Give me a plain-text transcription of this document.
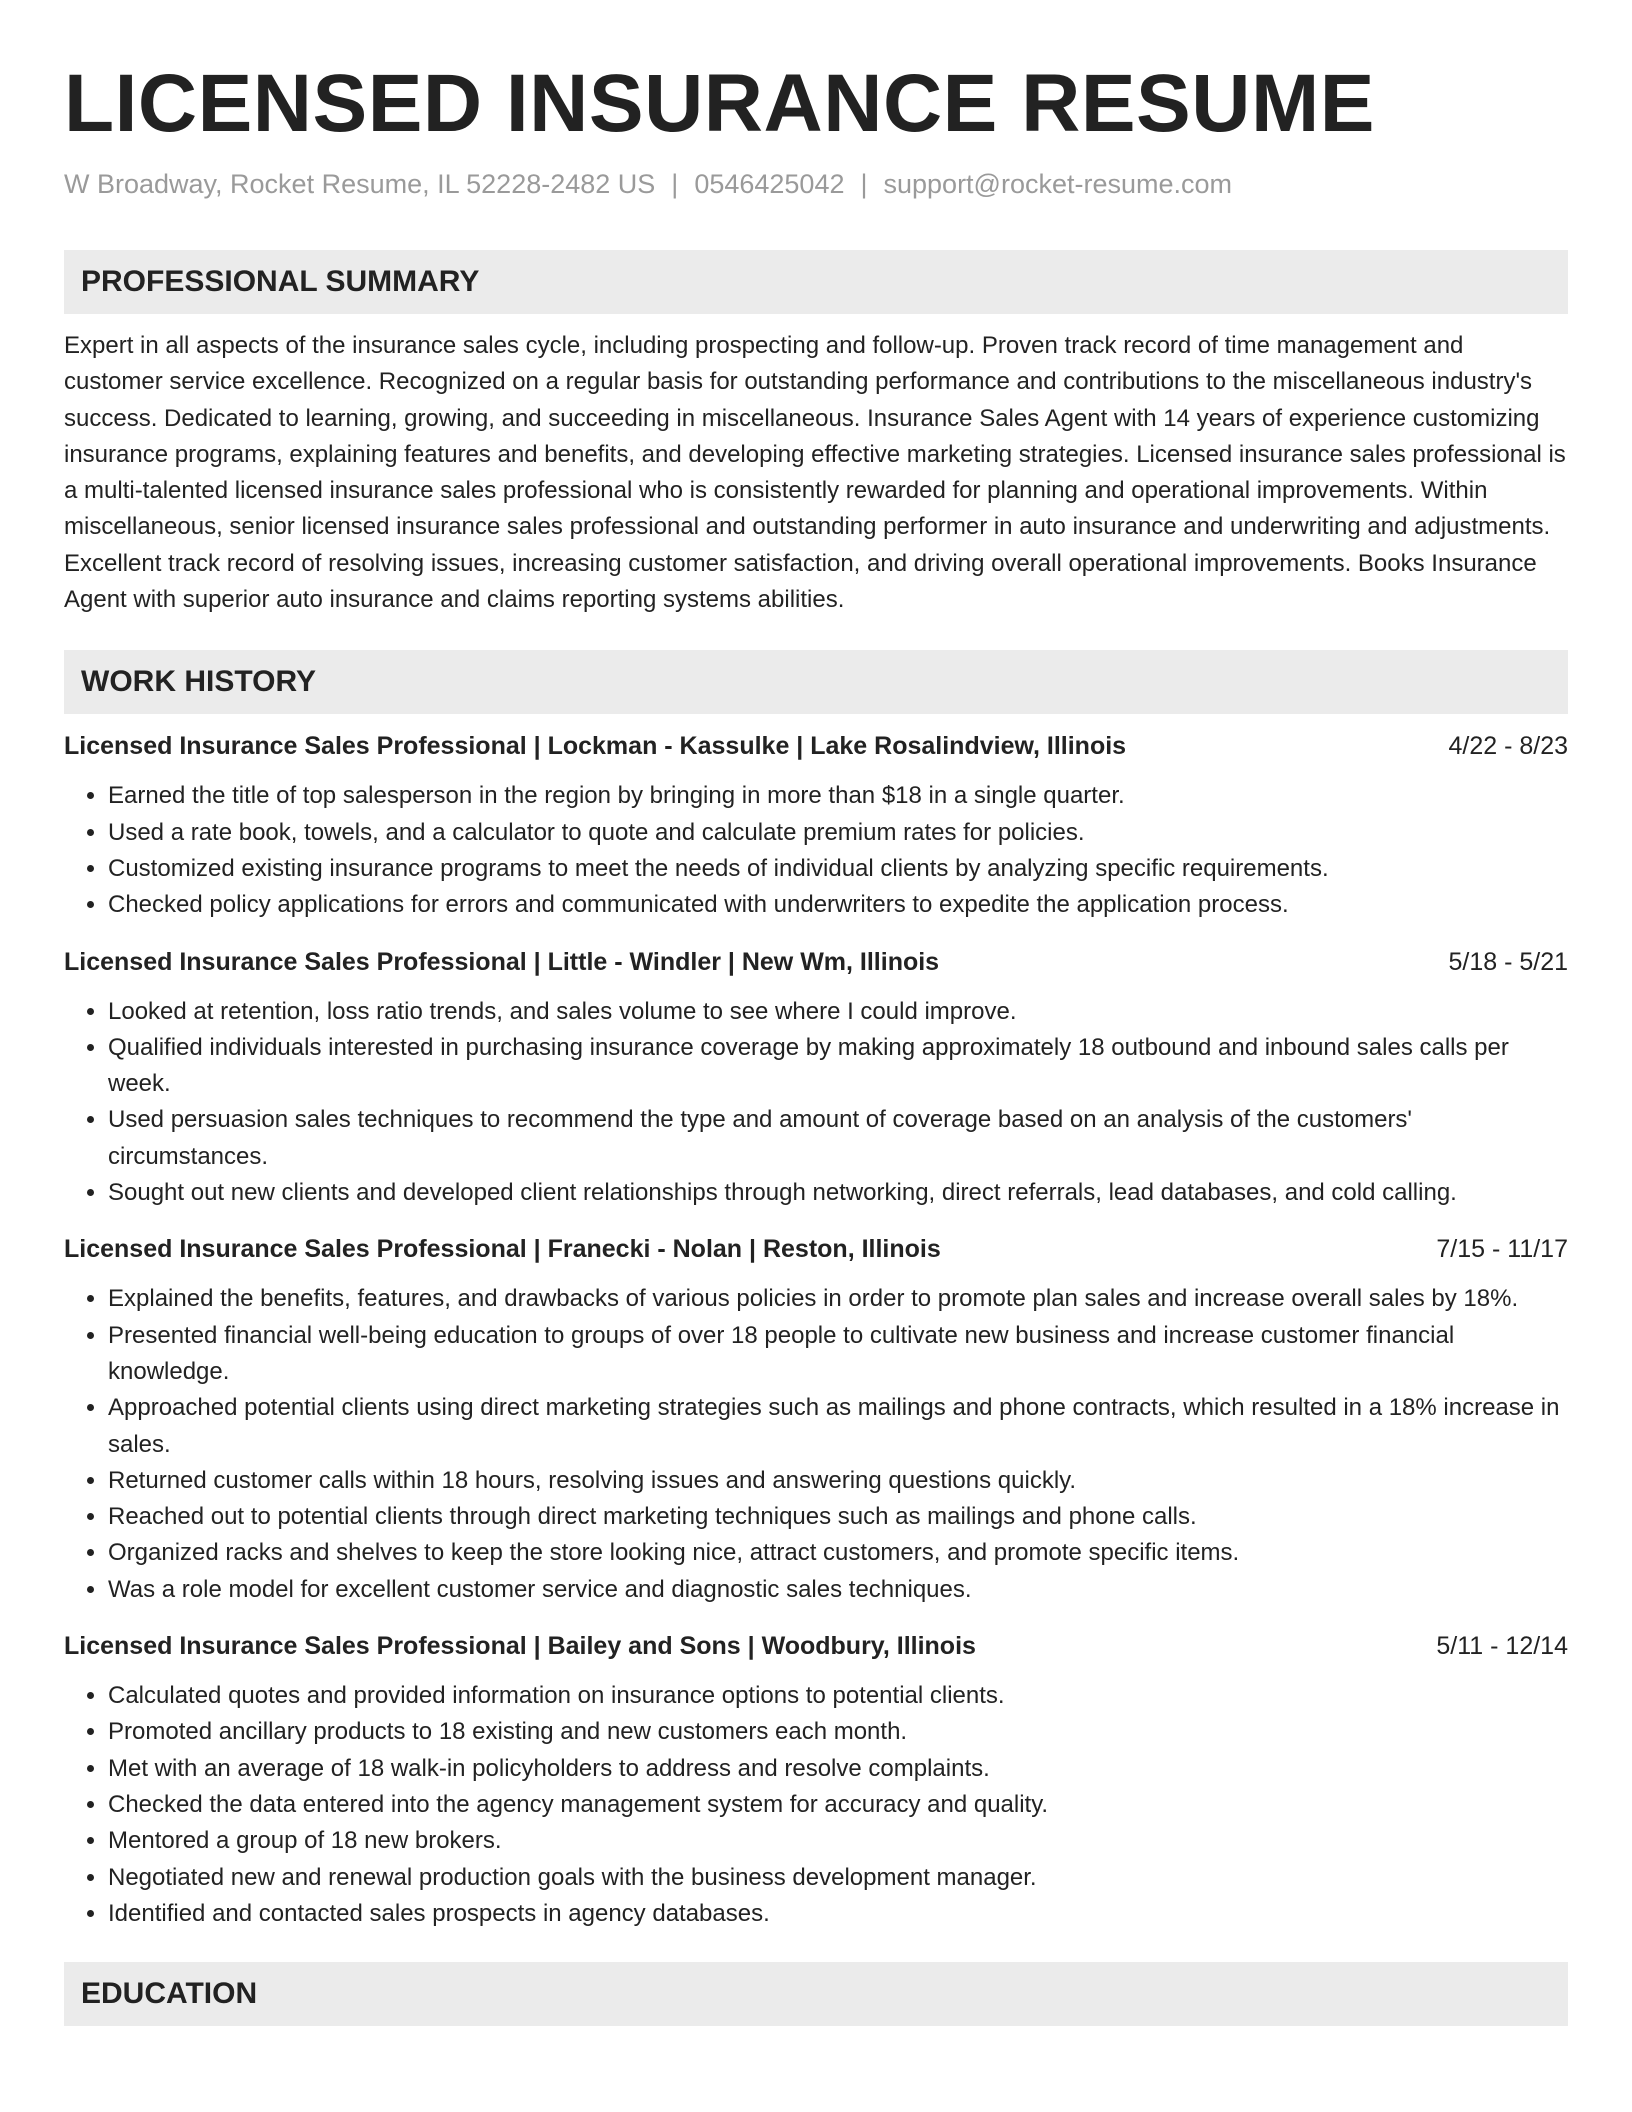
LICENSED INSURANCE RESUME
W Broadway, Rocket Resume, IL 52228-2482 US | 0546425042 | support@rocket-resume.com
PROFESSIONAL SUMMARY
Expert in all aspects of the insurance sales cycle, including prospecting and follow-up. Proven track record of time management and customer service excellence. Recognized on a regular basis for outstanding performance and contributions to the miscellaneous industry's success. Dedicated to learning, growing, and succeeding in miscellaneous. Insurance Sales Agent with 14 years of experience customizing insurance programs, explaining features and benefits, and developing effective marketing strategies. Licensed insurance sales professional is a multi-talented licensed insurance sales professional who is consistently rewarded for planning and operational improvements. Within miscellaneous, senior licensed insurance sales professional and outstanding performer in auto insurance and underwriting and adjustments. Excellent track record of resolving issues, increasing customer satisfaction, and driving overall operational improvements. Books Insurance Agent with superior auto insurance and claims reporting systems abilities.
WORK HISTORY
Licensed Insurance Sales Professional | Lockman - Kassulke | Lake Rosalindview, Illinois	4/22 - 8/23
• Earned the title of top salesperson in the region by bringing in more than $18 in a single quarter.
• Used a rate book, towels, and a calculator to quote and calculate premium rates for policies.
• Customized existing insurance programs to meet the needs of individual clients by analyzing specific requirements.
• Checked policy applications for errors and communicated with underwriters to expedite the application process.
Licensed Insurance Sales Professional | Little - Windler | New Wm, Illinois	5/18 - 5/21
• Looked at retention, loss ratio trends, and sales volume to see where I could improve.
• Qualified individuals interested in purchasing insurance coverage by making approximately 18 outbound and inbound sales calls per week.
• Used persuasion sales techniques to recommend the type and amount of coverage based on an analysis of the customers' circumstances.
• Sought out new clients and developed client relationships through networking, direct referrals, lead databases, and cold calling.
Licensed Insurance Sales Professional | Franecki - Nolan | Reston, Illinois	7/15 - 11/17
• Explained the benefits, features, and drawbacks of various policies in order to promote plan sales and increase overall sales by 18%.
• Presented financial well-being education to groups of over 18 people to cultivate new business and increase customer financial knowledge.
• Approached potential clients using direct marketing strategies such as mailings and phone contracts, which resulted in a 18% increase in sales.
• Returned customer calls within 18 hours, resolving issues and answering questions quickly.
• Reached out to potential clients through direct marketing techniques such as mailings and phone calls.
• Organized racks and shelves to keep the store looking nice, attract customers, and promote specific items.
• Was a role model for excellent customer service and diagnostic sales techniques.
Licensed Insurance Sales Professional | Bailey and Sons | Woodbury, Illinois	5/11 - 12/14
• Calculated quotes and provided information on insurance options to potential clients.
• Promoted ancillary products to 18 existing and new customers each month.
• Met with an average of 18 walk-in policyholders to address and resolve complaints.
• Checked the data entered into the agency management system for accuracy and quality.
• Mentored a group of 18 new brokers.
• Negotiated new and renewal production goals with the business development manager.
• Identified and contacted sales prospects in agency databases.
EDUCATION
